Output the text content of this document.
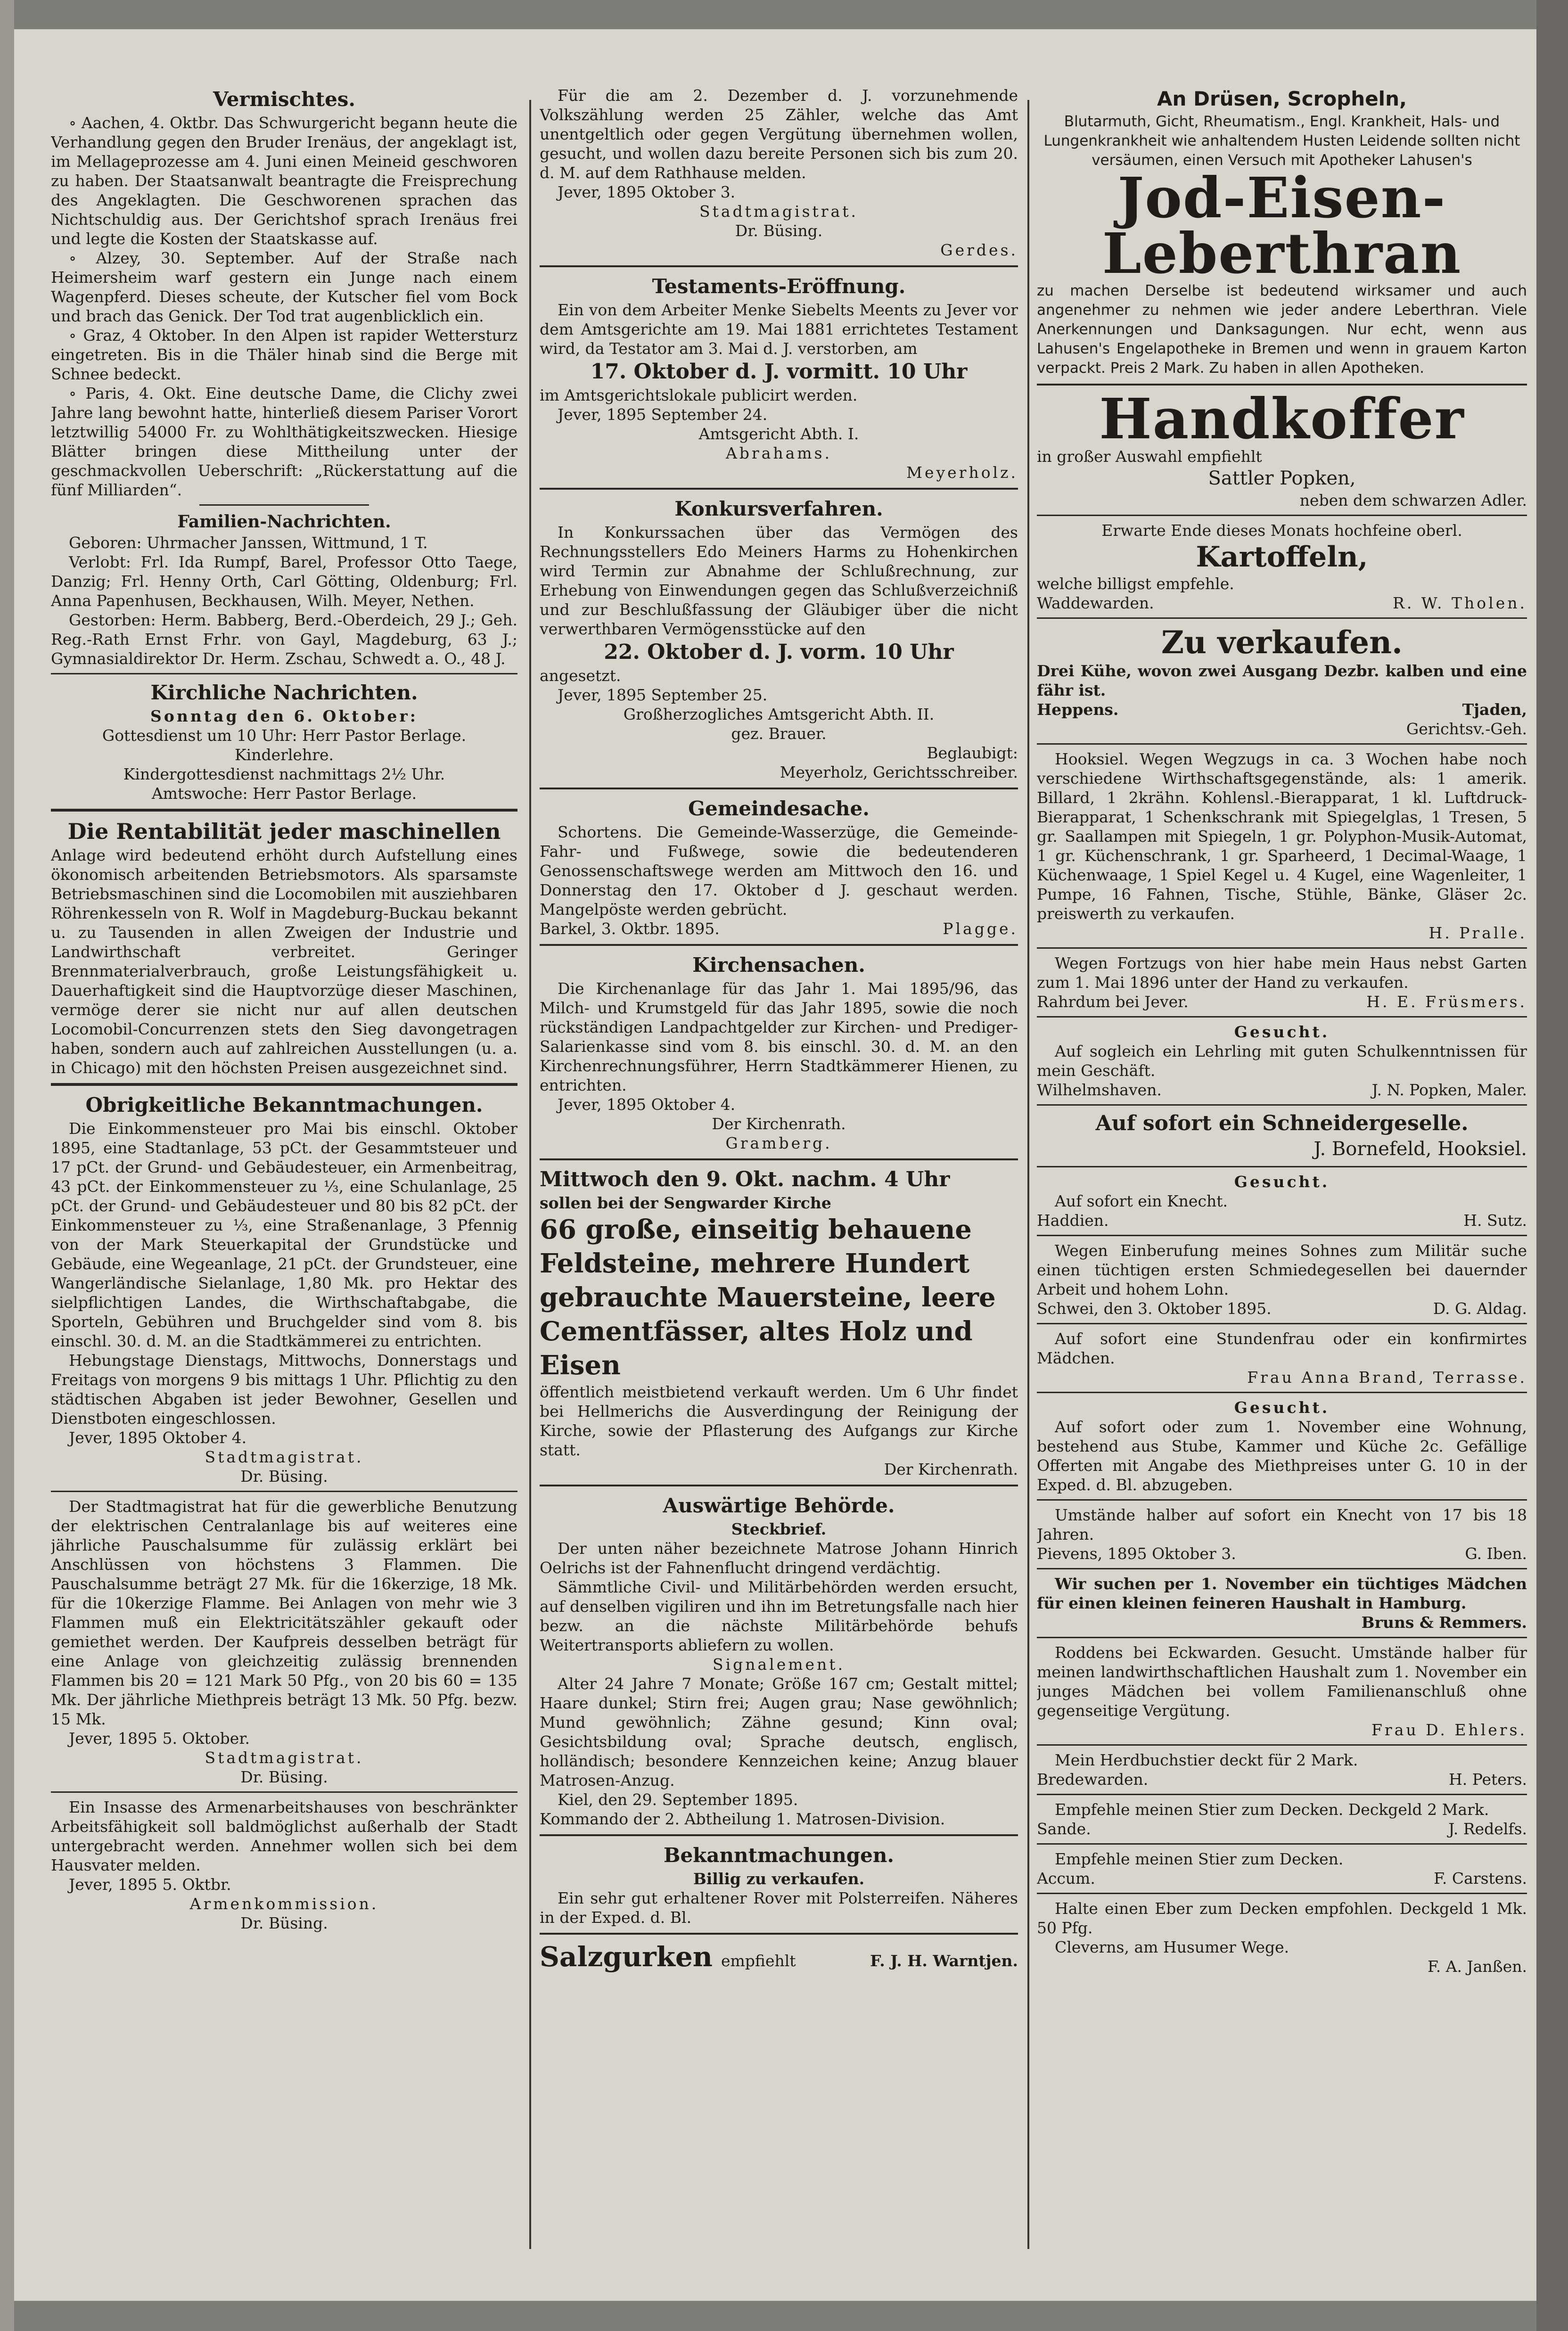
Vermischtes.

∘ Aachen, 4. Oktbr. Das Schwurgericht begann heute die Verhandlung gegen den Bruder Irenäus, der angeklagt ist, im Mellageprozesse am 4. Juni einen Meineid geschworen zu haben. Der Staatsanwalt beantragte die Freisprechung des Angeklagten. Die Geschworenen sprachen das Nichtschuldig aus. Der Gerichtshof sprach Irenäus frei und legte die Kosten der Staatskasse auf.

∘ Alzey, 30. September. Auf der Straße nach Heimersheim warf gestern ein Junge nach einem Wagenpferd. Dieses scheute, der Kutscher fiel vom Bock und brach das Genick. Der Tod trat augenblicklich ein.

∘ Graz, 4 Oktober. In den Alpen ist rapider Wettersturz eingetreten. Bis in die Thäler hinab sind die Berge mit Schnee bedeckt.

∘ Paris, 4. Okt. Eine deutsche Dame, die Clichy zwei Jahre lang bewohnt hatte, hinterließ diesem Pariser Vorort letztwillig 54000 Fr. zu Wohlthätigkeitszwecken. Hiesige Blätter bringen diese Mittheilung unter der geschmackvollen Ueberschrift: „Rückerstattung auf die fünf Milliarden“.

Familien-Nachrichten.

Geboren: Uhrmacher Janssen, Wittmund, 1 T.

Verlobt: Frl. Ida Rumpf, Barel, Professor Otto Taege, Danzig; Frl. Henny Orth, Carl Götting, Oldenburg; Frl. Anna Papenhusen, Beckhausen, Wilh. Meyer, Nethen.

Gestorben: Herm. Babberg, Berd.-Oberdeich, 29 J.; Geh. Reg.-Rath Ernst Frhr. von Gayl, Magdeburg, 63 J.; Gymnasialdirektor Dr. Herm. Zschau, Schwedt a. O., 48 J.

Kirchliche Nachrichten.

Sonntag den 6. Oktober:

Gottesdienst um 10 Uhr: Herr Pastor Berlage.

Kinderlehre.

Kindergottesdienst nachmittags 2½ Uhr.

Amtswoche: Herr Pastor Berlage.

Die Rentabilität jeder maschinellen

Anlage wird bedeutend erhöht durch Aufstellung eines ökonomisch arbeitenden Betriebsmotors. Als sparsamste Betriebsmaschinen sind die Locomobilen mit ausziehbaren Röhrenkesseln von R. Wolf in Magdeburg-Buckau bekannt u. zu Tausenden in allen Zweigen der Industrie und Landwirthschaft verbreitet. Geringer Brennmaterialverbrauch, große Leistungsfähigkeit u. Dauerhaftigkeit sind die Hauptvorzüge dieser Maschinen, vermöge derer sie nicht nur auf allen deutschen Locomobil-Concurrenzen stets den Sieg davongetragen haben, sondern auch auf zahlreichen Ausstellungen (u. a. in Chicago) mit den höchsten Preisen ausgezeichnet sind.

Obrigkeitliche Bekanntmachungen.

Die Einkommensteuer pro Mai bis einschl. Oktober 1895, eine Stadtanlage, 53 pCt. der Gesammtsteuer und 17 pCt. der Grund- und Gebäudesteuer, ein Armenbeitrag, 43 pCt. der Einkommensteuer zu ⅓, eine Schulanlage, 25 pCt. der Grund- und Gebäudesteuer und 80 bis 82 pCt. der Einkommensteuer zu ⅓, eine Straßenanlage, 3 Pfennig von der Mark Steuerkapital der Grundstücke und Gebäude, eine Wegeanlage, 21 pCt. der Grundsteuer, eine Wangerländische Sielanlage, 1,80 Mk. pro Hektar des sielpflichtigen Landes, die Wirthschaftabgabe, die Sporteln, Gebühren und Bruchgelder sind vom 8. bis einschl. 30. d. M. an die Stadtkämmerei zu entrichten.

Hebungstage Dienstags, Mittwochs, Donnerstags und Freitags von morgens 9 bis mittags 1 Uhr. Pflichtig zu den städtischen Abgaben ist jeder Bewohner, Gesellen und Dienstboten eingeschlossen.

Jever, 1895 Oktober 4.

Stadtmagistrat.

Dr. Büsing.

Der Stadtmagistrat hat für die gewerbliche Benutzung der elektrischen Centralanlage bis auf weiteres eine jährliche Pauschalsumme für zulässig erklärt bei Anschlüssen von höchstens 3 Flammen. Die Pauschalsumme beträgt 27 Mk. für die 16kerzige, 18 Mk. für die 10kerzige Flamme. Bei Anlagen von mehr wie 3 Flammen muß ein Elektricitätszähler gekauft oder gemiethet werden. Der Kaufpreis desselben beträgt für eine Anlage von gleichzeitig zulässig brennenden Flammen bis 20 = 121 Mark 50 Pfg., von 20 bis 60 = 135 Mk. Der jährliche Miethpreis beträgt 13 Mk. 50 Pfg. bezw. 15 Mk.

Jever, 1895 5. Oktober.

Stadtmagistrat.

Dr. Büsing.

Ein Insasse des Armenarbeitshauses von beschränkter Arbeitsfähigkeit soll baldmöglichst außerhalb der Stadt untergebracht werden. Annehmer wollen sich bei dem Hausvater melden.

Jever, 1895 5. Oktbr.

Armenkommission.

Dr. Büsing.

Für die am 2. Dezember d. J. vorzunehmende Volkszählung werden 25 Zähler, welche das Amt unentgeltlich oder gegen Vergütung übernehmen wollen, gesucht, und wollen dazu bereite Personen sich bis zum 20. d. M. auf dem Rathhause melden.

Jever, 1895 Oktober 3.

Stadtmagistrat.

Dr. Büsing.

Gerdes.

Testaments-Eröffnung.

Ein von dem Arbeiter Menke Siebelts Meents zu Jever vor dem Amtsgerichte am 19. Mai 1881 errichtetes Testament wird, da Testator am 3. Mai d. J. verstorben, am

17. Oktober d. J. vormitt. 10 Uhr

im Amtsgerichtslokale publicirt werden.

Jever, 1895 September 24.

Amtsgericht Abth. I.

Abrahams.

Meyerholz.

Konkursverfahren.

In Konkurssachen über das Vermögen des Rechnungsstellers Edo Meiners Harms zu Hohenkirchen wird Termin zur Abnahme der Schlußrechnung, zur Erhebung von Einwendungen gegen das Schlußverzeichniß und zur Beschlußfassung der Gläubiger über die nicht verwerthbaren Vermögensstücke auf den

22. Oktober d. J. vorm. 10 Uhr

angesetzt.

Jever, 1895 September 25.

Großherzogliches Amtsgericht Abth. II.

gez. Brauer.

Beglaubigt:

Meyerholz, Gerichtsschreiber.

Gemeindesache.

Schortens. Die Gemeinde-Wasserzüge, die Gemeinde-Fahr- und Fußwege, sowie die bedeutenderen Genossenschaftswege werden am Mittwoch den 16. und Donnerstag den 17. Oktober d J. geschaut werden. Mangelpöste werden gebrücht.

Barkel, 3. Oktbr. 1895.	Plagge.

Kirchensachen.

Die Kirchenanlage für das Jahr 1. Mai 1895/96, das Milch- und Krumstgeld für das Jahr 1895, sowie die noch rückständigen Landpachtgelder zur Kirchen- und Prediger-Salarienkasse sind vom 8. bis einschl. 30. d. M. an den Kirchenrechnungsführer, Herrn Stadtkämmerer Hienen, zu entrichten.

Jever, 1895 Oktober 4.

Der Kirchenrath.

Gramberg.

Mittwoch den 9. Okt. nachm. 4 Uhr

sollen bei der Sengwarder Kirche

66 große, einseitig behauene Feldsteine, mehrere Hundert gebrauchte Mauersteine, leere Cementfässer, altes Holz und Eisen

öffentlich meistbietend verkauft werden. Um 6 Uhr findet bei Hellmerichs die Ausverdingung der Reinigung der Kirche, sowie der Pflasterung des Aufgangs zur Kirche statt.

Der Kirchenrath.

Auswärtige Behörde.

Steckbrief.

Der unten näher bezeichnete Matrose Johann Hinrich Oelrichs ist der Fahnenflucht dringend verdächtig.

Sämmtliche Civil- und Militärbehörden werden ersucht, auf denselben vigiliren und ihn im Betretungsfalle nach hier bezw. an die nächste Militärbehörde behufs Weitertransports abliefern zu wollen.

Signalement.

Alter 24 Jahre 7 Monate; Größe 167 cm; Gestalt mittel; Haare dunkel; Stirn frei; Augen grau; Nase gewöhnlich; Mund gewöhnlich; Zähne gesund; Kinn oval; Gesichtsbildung oval; Sprache deutsch, englisch, holländisch; besondere Kennzeichen keine; Anzug blauer Matrosen-Anzug.

Kiel, den 29. September 1895.

Kommando der 2. Abtheilung 1. Matrosen-Division.

Bekanntmachungen.

Billig zu verkaufen.

Ein sehr gut erhaltener Rover mit Polsterreifen. Näheres in der Exped. d. Bl.

Salzgurken empfiehlt	F. J. H. Warntjen.

An Drüsen, Scropheln,

Blutarmuth, Gicht, Rheumatism., Engl. Krankheit, Hals- und Lungenkrankheit wie anhaltendem Husten Leidende sollten nicht versäumen, einen Versuch mit Apotheker Lahusen's

Jod-Eisen-Leberthran

zu machen Derselbe ist bedeutend wirksamer und auch angenehmer zu nehmen wie jeder andere Leberthran. Viele Anerkennungen und Danksagungen. Nur echt, wenn aus Lahusen's Engelapotheke in Bremen und wenn in grauem Karton verpackt. Preis 2 Mark. Zu haben in allen Apotheken.

Handkoffer

in großer Auswahl empfiehlt

Sattler Popken,

neben dem schwarzen Adler.

Erwarte Ende dieses Monats hochfeine oberl.

Kartoffeln,

welche billigst empfehle.

Waddewarden.	R. W. Tholen.

Zu verkaufen.

Drei Kühe, wovon zwei Ausgang Dezbr. kalben und eine fähr ist.

Heppens.	Tjaden,

Gerichtsv.-Geh.

Hooksiel. Wegen Wegzugs in ca. 3 Wochen habe noch verschiedene Wirthschaftsgegenstände, als: 1 amerik. Billard, 1 2krähn. Kohlensl.-Bierapparat, 1 kl. Luftdruck-Bierapparat, 1 Schenkschrank mit Spiegelglas, 1 Tresen, 5 gr. Saallampen mit Spiegeln, 1 gr. Polyphon-Musik-Automat, 1 gr. Küchenschrank, 1 gr. Sparheerd, 1 Decimal-Waage, 1 Küchenwaage, 1 Spiel Kegel u. 4 Kugel, eine Wagenleiter, 1 Pumpe, 16 Fahnen, Tische, Stühle, Bänke, Gläser 2c. preiswerth zu verkaufen.

H. Pralle.

Wegen Fortzugs von hier habe mein Haus nebst Garten zum 1. Mai 1896 unter der Hand zu verkaufen.

Rahrdum bei Jever.	H. E. Früsmers.

Gesucht.

Auf sogleich ein Lehrling mit guten Schulkenntnissen für mein Geschäft.

Wilhelmshaven.	J. N. Popken, Maler.

Auf sofort ein Schneidergeselle.

J. Bornefeld, Hooksiel.

Gesucht.

Auf sofort ein Knecht.

Haddien.	H. Sutz.

Wegen Einberufung meines Sohnes zum Militär suche einen tüchtigen ersten Schmiedegesellen bei dauernder Arbeit und hohem Lohn.

Schwei, den 3. Oktober 1895.	D. G. Aldag.

Auf sofort eine Stundenfrau oder ein konfirmirtes Mädchen.

Frau Anna Brand, Terrasse.

Gesucht.

Auf sofort oder zum 1. November eine Wohnung, bestehend aus Stube, Kammer und Küche 2c. Gefällige Offerten mit Angabe des Miethpreises unter G. 10 in der Exped. d. Bl. abzugeben.

Umstände halber auf sofort ein Knecht von 17 bis 18 Jahren.

Pievens, 1895 Oktober 3.	G. Iben.

Wir suchen per 1. November ein tüchtiges Mädchen für einen kleinen feineren Haushalt in Hamburg.

Bruns & Remmers.

Roddens bei Eckwarden. Gesucht. Umstände halber für meinen landwirthschaftlichen Haushalt zum 1. November ein junges Mädchen bei vollem Familienanschluß ohne gegenseitige Vergütung.

Frau D. Ehlers.

Mein Herdbuchstier deckt für 2 Mark.

Bredewarden.	H. Peters.

Empfehle meinen Stier zum Decken. Deckgeld 2 Mark.

Sande.	J. Redelfs.

Empfehle meinen Stier zum Decken.

Accum.	F. Carstens.

Halte einen Eber zum Decken empfohlen. Deckgeld 1 Mk. 50 Pfg.

Cleverns, am Husumer Wege.

F. A. Janßen.
